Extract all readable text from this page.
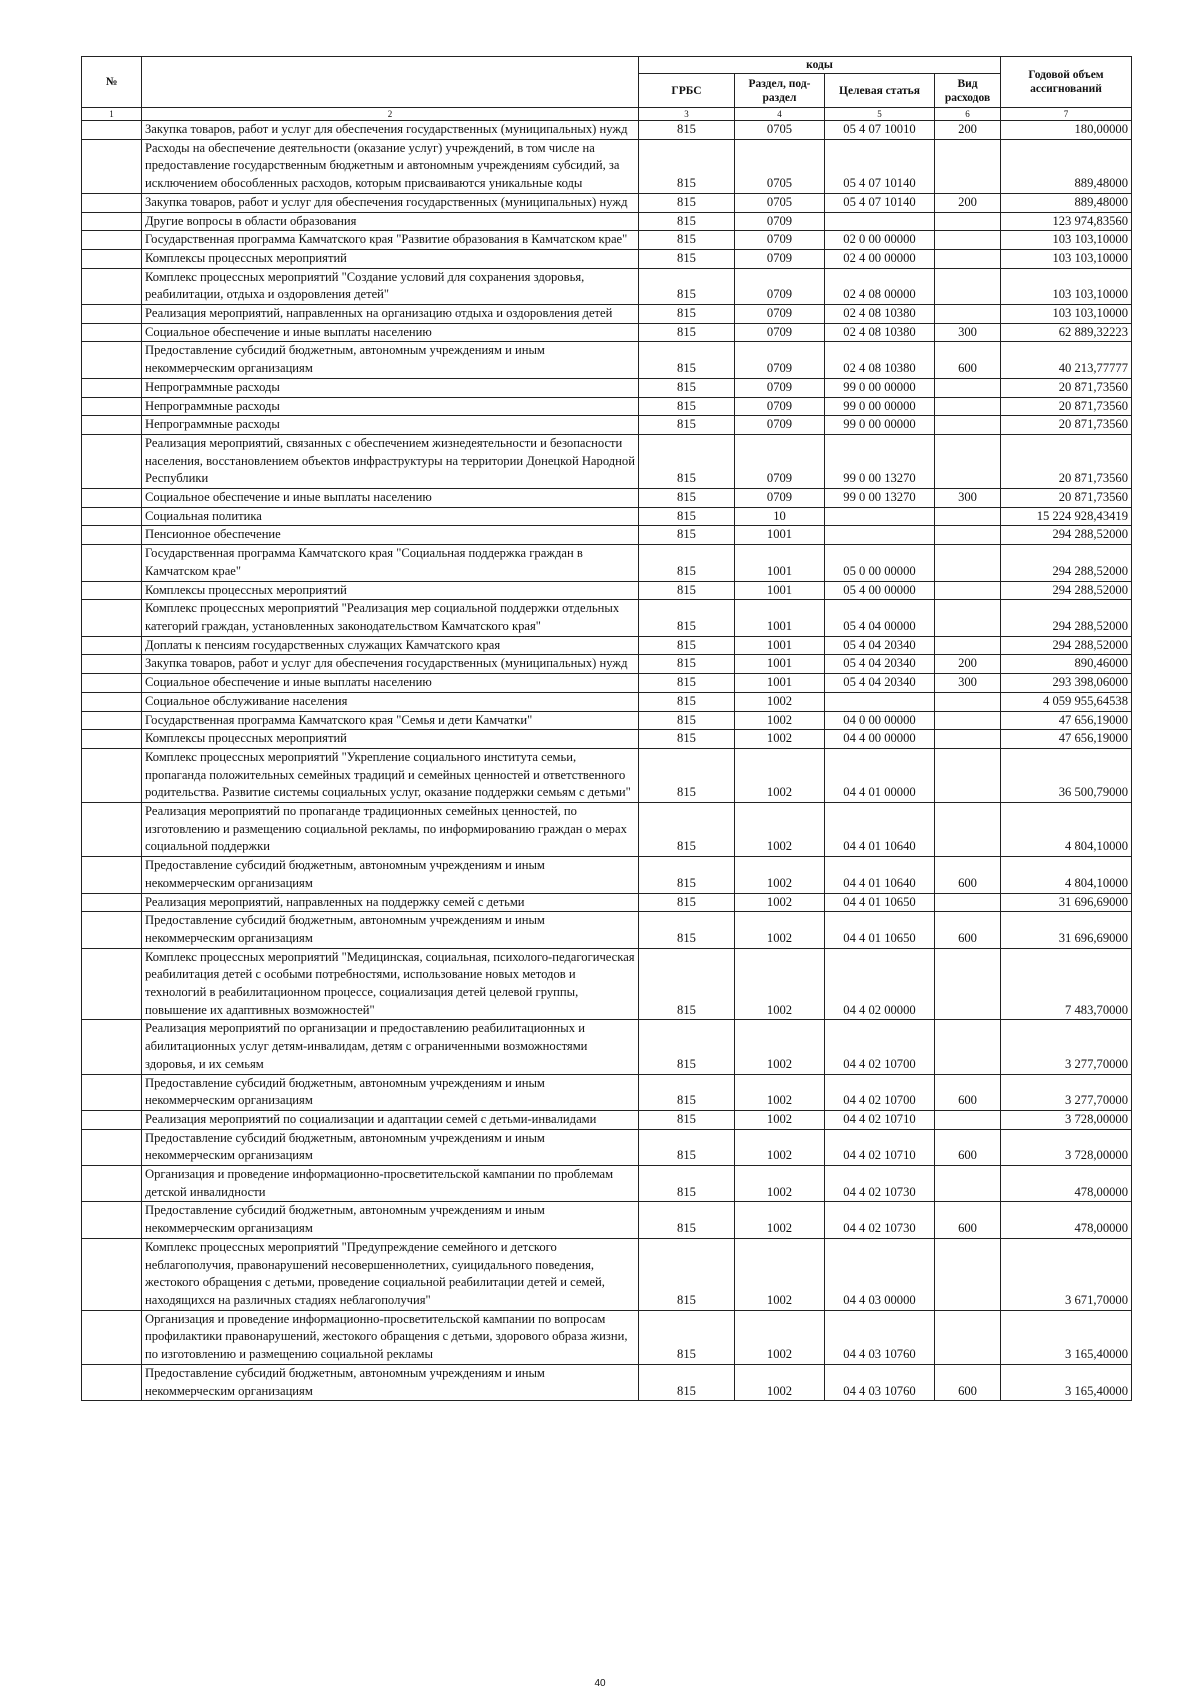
№		коды				Годовой объем ассигнований
		ГРБС	Раздел, под-раздел	Целевая статья	Вид расходов	
1	2	3	4	5	6	7
	Закупка товаров, работ и услуг для обеспечения государственных (муниципальных) нужд	815	0705	05 4 07 10010	200	180,00000
	Расходы на обеспечение деятельности (оказание услуг) учреждений, в том числе на предоставление государственным бюджетным и автономным учреждениям субсидий, за исключением обособленных расходов, которым присваиваются уникальные коды	815	0705	05 4 07 10140		889,48000
	Закупка товаров, работ и услуг для обеспечения государственных (муниципальных) нужд	815	0705	05 4 07 10140	200	889,48000
	Другие вопросы в области образования	815	0709			123 974,83560
	Государственная программа Камчатского края "Развитие образования в Камчатском крае"	815	0709	02 0 00 00000		103 103,10000
	Комплексы процессных мероприятий	815	0709	02 4 00 00000		103 103,10000
	Комплекс процессных мероприятий "Создание условий для сохранения здоровья, реабилитации, отдыха и оздоровления детей"	815	0709	02 4 08 00000		103 103,10000
	Реализация мероприятий, направленных на организацию отдыха и оздоровления детей	815	0709	02 4 08 10380		103 103,10000
	Социальное обеспечение и иные выплаты населению	815	0709	02 4 08 10380	300	62 889,32223
	Предоставление субсидий бюджетным, автономным учреждениям и иным некоммерческим организациям	815	0709	02 4 08 10380	600	40 213,77777
	Непрограммные расходы	815	0709	99 0 00 00000		20 871,73560
	Непрограммные расходы	815	0709	99 0 00 00000		20 871,73560
	Непрограммные расходы	815	0709	99 0 00 00000		20 871,73560
	Реализация мероприятий, связанных с обеспечением жизнедеятельности и безопасности населения, восстановлением объектов инфраструктуры на территории Донецкой Народной Республики	815	0709	99 0 00 13270		20 871,73560
	Социальное обеспечение и иные выплаты населению	815	0709	99 0 00 13270	300	20 871,73560
	Социальная политика	815	10			15 224 928,43419
	Пенсионное обеспечение	815	1001			294 288,52000
	Государственная программа Камчатского края "Социальная поддержка граждан в Камчатском крае"	815	1001	05 0 00 00000		294 288,52000
	Комплексы процессных мероприятий	815	1001	05 4 00 00000		294 288,52000
	Комплекс процессных мероприятий "Реализация мер социальной поддержки отдельных категорий граждан, установленных законодательством Камчатского края"	815	1001	05 4 04 00000		294 288,52000
	Доплаты к пенсиям государственных служащих Камчатского края	815	1001	05 4 04 20340		294 288,52000
	Закупка товаров, работ и услуг для обеспечения государственных (муниципальных) нужд	815	1001	05 4 04 20340	200	890,46000
	Социальное обеспечение и иные выплаты населению	815	1001	05 4 04 20340	300	293 398,06000
	Социальное обслуживание населения	815	1002			4 059 955,64538
	Государственная программа Камчатского края "Семья и дети Камчатки"	815	1002	04 0 00 00000		47 656,19000
	Комплексы процессных мероприятий	815	1002	04 4 00 00000		47 656,19000
	Комплекс процессных мероприятий "Укрепление социального института семьи, пропаганда положительных семейных традиций и семейных ценностей и ответственного родительства. Развитие системы социальных услуг, оказание поддержки семьям с детьми"	815	1002	04 4 01 00000		36 500,79000
	Реализация мероприятий по пропаганде традиционных семейных ценностей, по изготовлению и размещению социальной рекламы, по информированию граждан о мерах социальной поддержки	815	1002	04 4 01 10640		4 804,10000
	Предоставление субсидий бюджетным, автономным учреждениям и иным некоммерческим организациям	815	1002	04 4 01 10640	600	4 804,10000
	Реализация мероприятий, направленных на поддержку семей с детьми	815	1002	04 4 01 10650		31 696,69000
	Предоставление субсидий бюджетным, автономным учреждениям и иным некоммерческим организациям	815	1002	04 4 01 10650	600	31 696,69000
	Комплекс процессных мероприятий "Медицинская, социальная, психолого-педагогическая реабилитация детей с особыми потребностями, использование новых методов и технологий в реабилитационном процессе, социализация детей целевой группы, повышение их адаптивных возможностей"	815	1002	04 4 02 00000		7 483,70000
	Реализация мероприятий по организации и предоставлению реабилитационных и абилитационных услуг детям-инвалидам, детям с ограниченными возможностями здоровья, и их семьям	815	1002	04 4 02 10700		3 277,70000
	Предоставление субсидий бюджетным, автономным учреждениям и иным некоммерческим организациям	815	1002	04 4 02 10700	600	3 277,70000
	Реализация мероприятий по социализации и адаптации семей с детьми-инвалидами	815	1002	04 4 02 10710		3 728,00000
	Предоставление субсидий бюджетным, автономным учреждениям и иным некоммерческим организациям	815	1002	04 4 02 10710	600	3 728,00000
	Организация и проведение информационно-просветительской кампании по проблемам детской инвалидности	815	1002	04 4 02 10730		478,00000
	Предоставление субсидий бюджетным, автономным учреждениям и иным некоммерческим организациям	815	1002	04 4 02 10730	600	478,00000
	Комплекс процессных мероприятий "Предупреждение семейного и детского неблагополучия, правонарушений несовершеннолетних, суицидального поведения, жестокого обращения с детьми, проведение социальной реабилитации детей и семей, находящихся на различных стадиях неблагополучия"	815	1002	04 4 03 00000		3 671,70000
	Организация и проведение информационно-просветительской кампании по вопросам профилактики правонарушений, жестокого обращения с детьми, здорового образа жизни, по изготовлению и размещению социальной рекламы	815	1002	04 4 03 10760		3 165,40000
	Предоставление субсидий бюджетным, автономным учреждениям и иным некоммерческим организациям	815	1002	04 4 03 10760	600	3 165,40000
40
